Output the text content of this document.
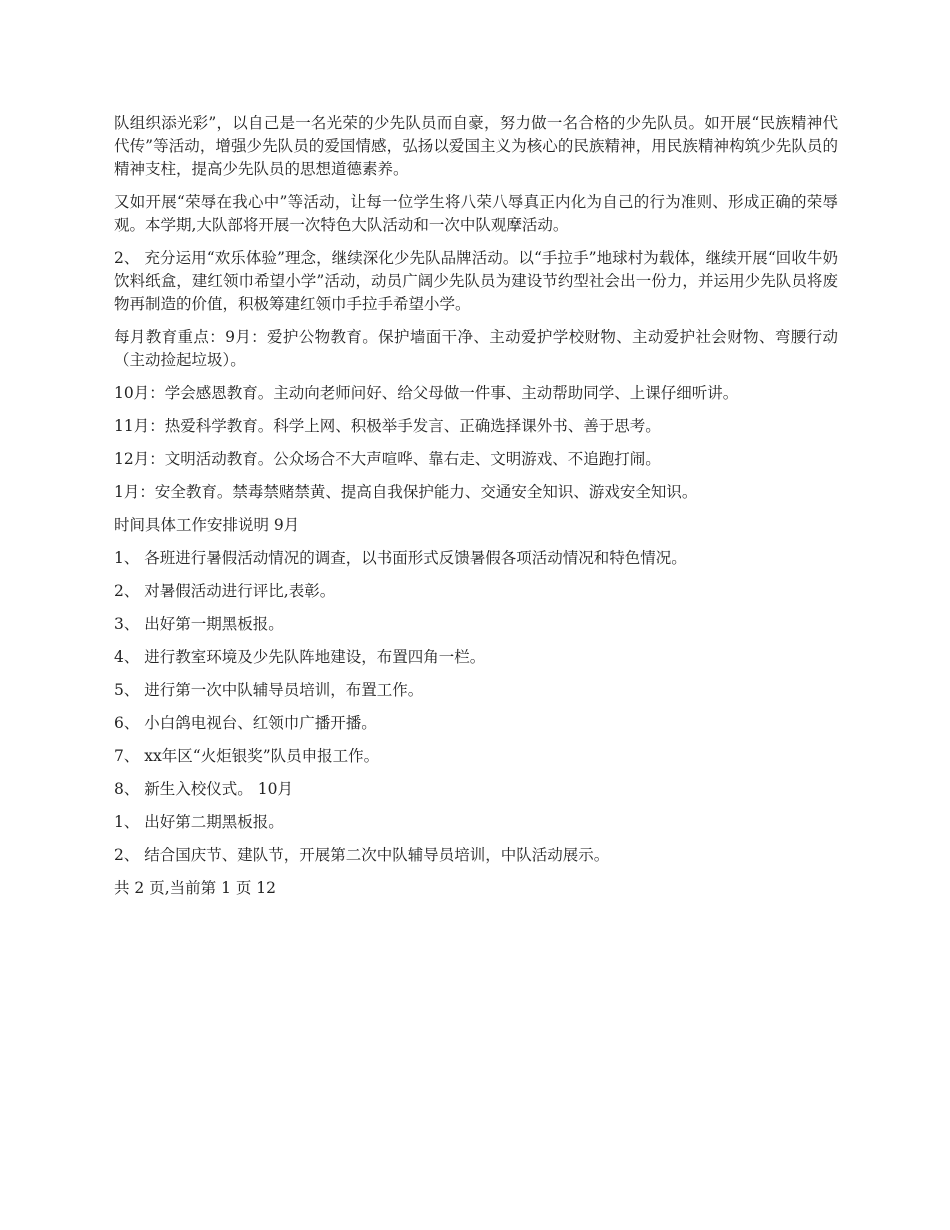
队组织添光彩”，以自己是一名光荣的少先队员而自豪，努力做一名合格的少先队员。如开展“民族精神代代传”等活动，增强少先队员的爱国情感，弘扬以爱国主义为核心的民族精神，用民族精神构筑少先队员的精神支柱，提高少先队员的思想道德素养。

又如开展“荣辱在我心中”等活动，让每一位学生将八荣八辱真正内化为自己的行为准则、形成正确的荣辱观。本学期,大队部将开展一次特色大队活动和一次中队观摩活动。

2、 充分运用“欢乐体验”理念，继续深化少先队品牌活动。以“手拉手”地球村为载体，继续开展“回收牛奶饮料纸盒，建红领巾希望小学”活动，动员广阔少先队员为建设节约型社会出一份力，并运用少先队员将废物再制造的价值，积极筹建红领巾手拉手希望小学。

每月教育重点：9月：爱护公物教育。保护墙面干净、主动爱护学校财物、主动爱护社会财物、弯腰行动（主动捡起垃圾）。

10月：学会感恩教育。主动向老师问好、给父母做一件事、主动帮助同学、上课仔细听讲。

11月：热爱科学教育。科学上网、积极举手发言、正确选择课外书、善于思考。

12月：文明活动教育。公众场合不大声喧哗、靠右走、文明游戏、不追跑打闹。

1月：安全教育。禁毒禁赌禁黄、提高自我保护能力、交通安全知识、游戏安全知识。

时间具体工作安排说明 9月

1、 各班进行暑假活动情况的调查，以书面形式反馈暑假各项活动情况和特色情况。

2、 对暑假活动进行评比,表彰。

3、 出好第一期黑板报。

4、 进行教室环境及少先队阵地建设，布置四角一栏。

5、 进行第一次中队辅导员培训，布置工作。

6、 小白鸽电视台、红领巾广播开播。

7、 xx年区“火炬银奖”队员申报工作。

8、 新生入校仪式。 10月

1、 出好第二期黑板报。

2、 结合国庆节、建队节，开展第二次中队辅导员培训，中队活动展示。

共 2 页,当前第 1 页 12
